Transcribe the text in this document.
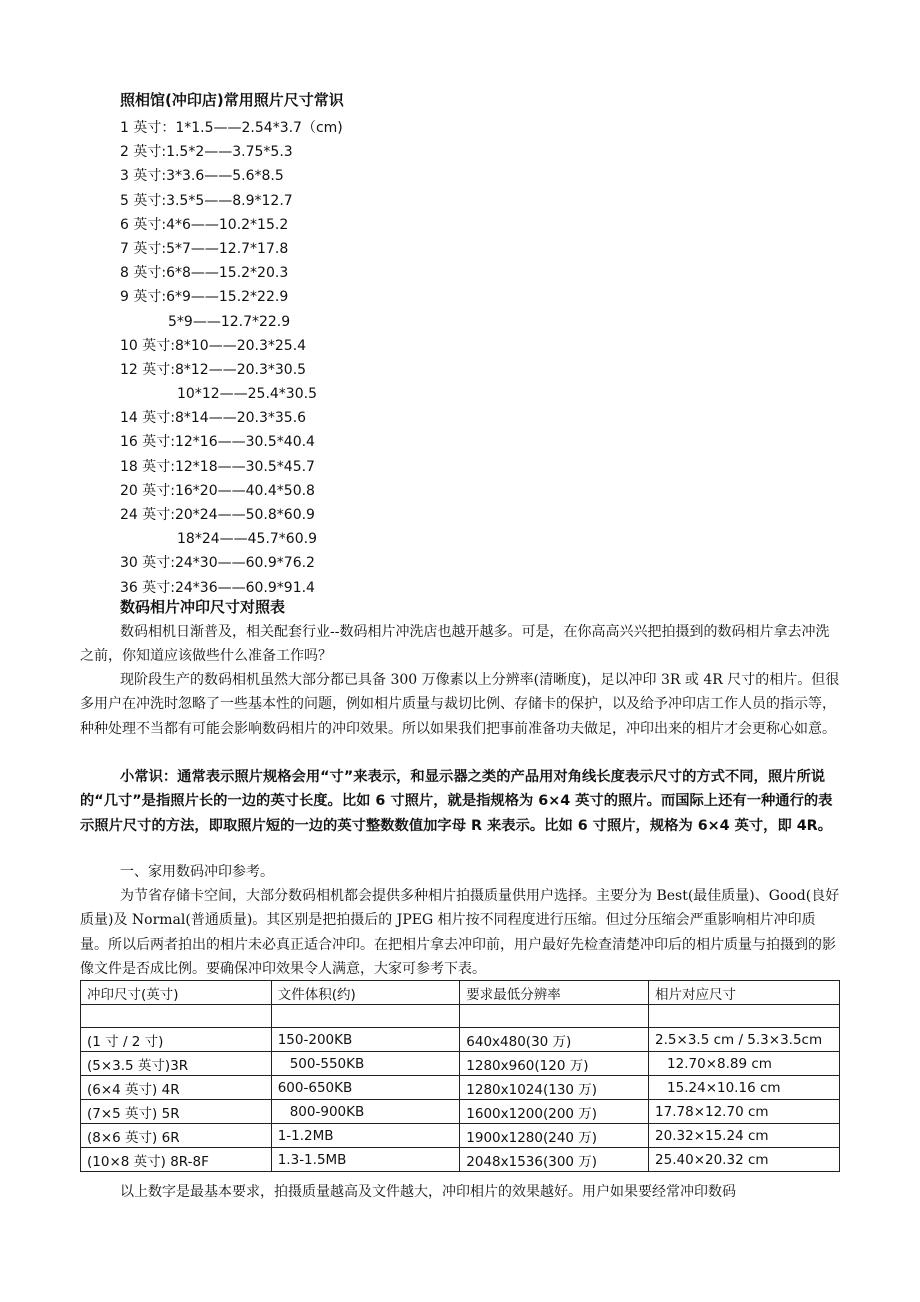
照相馆(冲印店)常用照片尺寸常识
1 英寸：1*1.5——2.54*3.7（cm)
2 英寸:1.5*2——3.75*5.3
3 英寸:3*3.6——5.6*8.5
5 英寸:3.5*5——8.9*12.7
6 英寸:4*6——10.2*15.2
7 英寸:5*7——12.7*17.8
8 英寸:6*8——15.2*20.3
9 英寸:6*9——15.2*22.9
5*9——12.7*22.9
10 英寸:8*10——20.3*25.4
12 英寸:8*12——20.3*30.5
10*12——25.4*30.5
14 英寸:8*14——20.3*35.6
16 英寸:12*16——30.5*40.4
18 英寸:12*18——30.5*45.7
20 英寸:16*20——40.4*50.8
24 英寸:20*24——50.8*60.9
18*24——45.7*60.9
30 英寸:24*30——60.9*76.2
36 英寸:24*36——60.9*91.4
数码相片冲印尺寸对照表

数码相机日渐普及，相关配套行业--数码相片冲洗店也越开越多。可是，在你高高兴兴把拍摄到的数码相片拿去冲洗之前，你知道应该做些什么准备工作吗？

现阶段生产的数码相机虽然大部分都已具备 300 万像素以上分辨率(清晰度)，足以冲印 3R 或 4R 尺寸的相片。但很多用户在冲洗时忽略了一些基本性的问题，例如相片质量与裁切比例、存储卡的保护，以及给予冲印店工作人员的指示等，种种处理不当都有可能会影响数码相片的冲印效果。所以如果我们把事前准备功夫做足，冲印出来的相片才会更称心如意。

小常识：通常表示照片规格会用“寸”来表示，和显示器之类的产品用对角线长度表示尺寸的方式不同，照片所说的“几寸”是指照片长的一边的英寸长度。比如 6 寸照片，就是指规格为 6×4 英寸的照片。而国际上还有一种通行的表示照片尺寸的方法，即取照片短的一边的英寸整数数值加字母 R 来表示。比如 6 寸照片，规格为 6×4 英寸，即 4R。

一、家用数码冲印参考。

为节省存储卡空间，大部分数码相机都会提供多种相片拍摄质量供用户选择。主要分为 Best(最佳质量)、Good(良好质量)及 Normal(普通质量)。其区别是把拍摄后的 JPEG 相片按不同程度进行压缩。但过分压缩会严重影响相片冲印质量。所以后两者拍出的相片未必真正适合冲印。在把相片拿去冲印前，用户最好先检查清楚冲印后的相片质量与拍摄到的影像文件是否成比例。要确保冲印效果令人满意，大家可参考下表。

冲印尺寸(英寸)	文件体积(约)	要求最低分辨率	相片对应尺寸

(1 寸 / 2 寸)	150-200KB	640x480(30 万)	2.5×3.5 cm / 5.3×3.5cm
(5×3.5 英寸)3R	500-550KB	1280x960(120 万)	12.70×8.89 cm
(6×4 英寸) 4R	600-650KB	1280x1024(130 万)	15.24×10.16 cm
(7×5 英寸) 5R	800-900KB	1600x1200(200 万)	17.78×12.70 cm
(8×6 英寸) 6R	1-1.2MB	1900x1280(240 万)	20.32×15.24 cm
(10×8 英寸) 8R-8F	1.3-1.5MB	2048x1536(300 万)	25.40×20.32 cm
以上数字是最基本要求，拍摄质量越高及文件越大，冲印相片的效果越好。用户如果要经常冲印数码
